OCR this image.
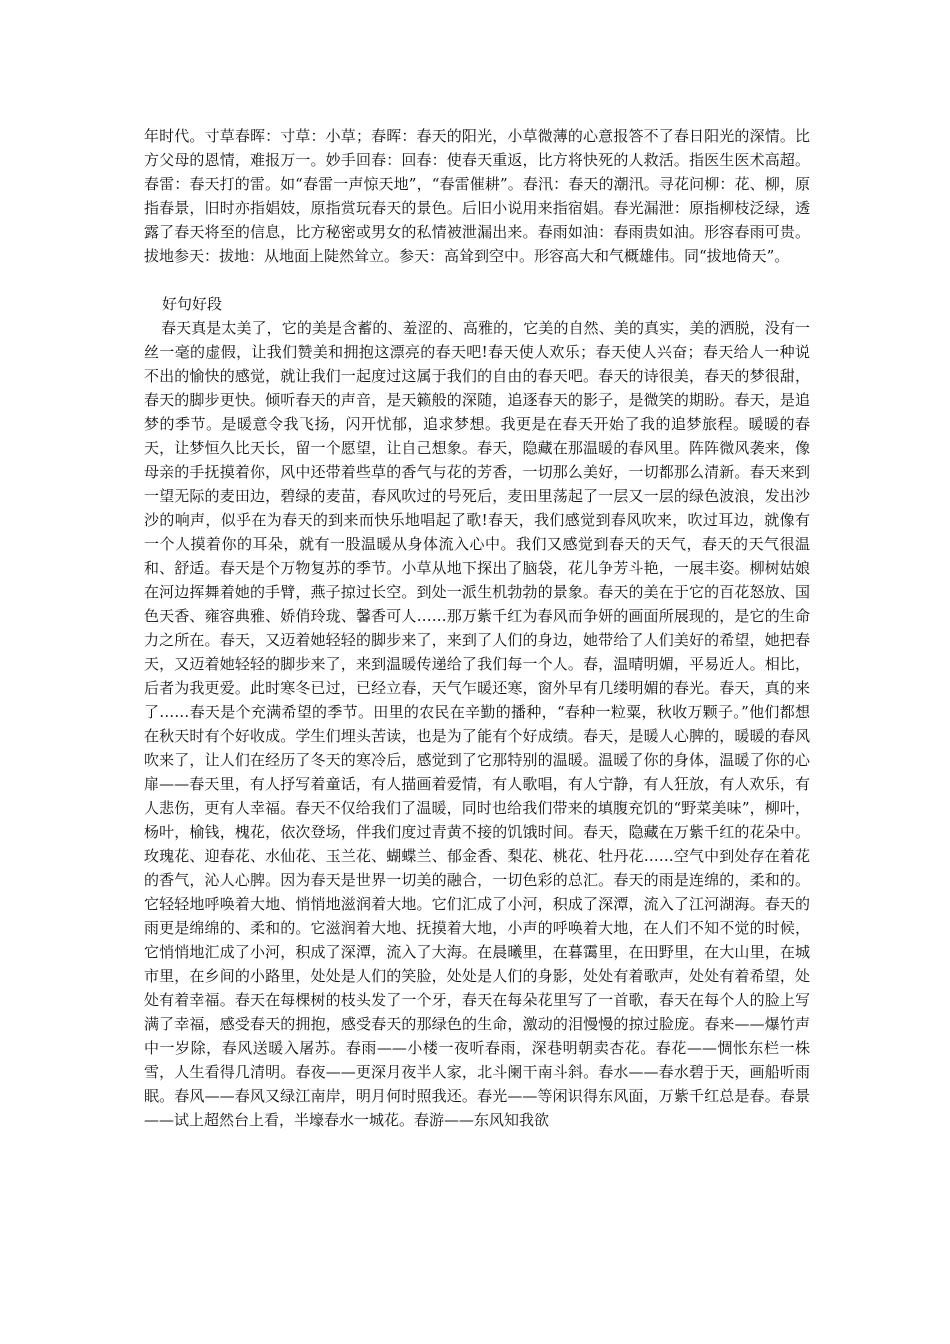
年时代。寸草春晖：寸草：小草；春晖：春天的阳光，小草微薄的心意报答不了春日阳光的深情。比方父母的恩情，难报万一。妙手回春：回春：使春天重返，比方将快死的人救活。指医生医术高超。春雷：春天打的雷。如“春雷一声惊天地”，“春雷催耕”。春汛：春天的潮汛。寻花问柳：花、柳，原指春景，旧时亦指娼妓，原指赏玩春天的景色。后旧小说用来指宿娼。春光漏泄：原指柳枝泛绿，透露了春天将至的信息，比方秘密或男女的私情被泄漏出来。春雨如油：春雨贵如油。形容春雨可贵。拔地参天：拔地：从地面上陡然耸立。参天：高耸到空中。形容高大和气概雄伟。同“拔地倚天”。

好句好段

春天真是太美了，它的美是含蓄的、羞涩的、高雅的，它美的自然、美的真实，美的洒脱，没有一丝一毫的虚假，让我们赞美和拥抱这漂亮的春天吧!春天使人欢乐；春天使人兴奋；春天给人一种说不出的愉快的感觉，就让我们一起度过这属于我们的自由的春天吧。春天的诗很美，春天的梦很甜，春天的脚步更快。倾听春天的声音，是天籁般的深随，追逐春天的影子，是微笑的期盼。春天，是追梦的季节。是暖意令我飞扬，闪开忧郁，追求梦想。我更是在春天开始了我的追梦旅程。暖暖的春天，让梦恒久比天长，留一个愿望，让自己想象。春天，隐藏在那温暖的春风里。阵阵微风袭来，像母亲的手抚摸着你，风中还带着些草的香气与花的芳香，一切那么美好，一切都那么清新。春天来到一望无际的麦田边，碧绿的麦苗，春风吹过的号死后，麦田里荡起了一层又一层的绿色波浪，发出沙沙的响声，似乎在为春天的到来而快乐地唱起了歌!春天，我们感觉到春风吹来，吹过耳边，就像有一个人摸着你的耳朵，就有一股温暖从身体流入心中。我们又感觉到春天的天气，春天的天气很温和、舒适。春天是个万物复苏的季节。小草从地下探出了脑袋，花儿争芳斗艳，一展丰姿。柳树姑娘在河边挥舞着她的手臂，燕子掠过长空。到处一派生机勃勃的景象。春天的美在于它的百花怒放、国色天香、雍容典雅、娇俏玲珑、馨香可人……那万紫千红为春风而争妍的画面所展现的，是它的生命力之所在。春天，又迈着她轻轻的脚步来了，来到了人们的身边，她带给了人们美好的希望，她把春天，又迈着她轻轻的脚步来了，来到温暖传递给了我们每一个人。春，温晴明媚，平易近人。相比，后者为我更爱。此时寒冬已过，已经立春，天气乍暖还寒，窗外早有几缕明媚的春光。春天，真的来了……春天是个充满希望的季节。田里的农民在辛勤的播种，“春种一粒粟，秋收万颗子。”他们都想在秋天时有个好收成。学生们埋头苦读，也是为了能有个好成绩。春天，是暖人心脾的，暖暖的春风吹来了，让人们在经历了冬天的寒冷后，感觉到了它那特别的温暖。温暖了你的身体，温暖了你的心扉——春天里，有人抒写着童话，有人描画着爱情，有人歌唱，有人宁静，有人狂放，有人欢乐，有人悲伤，更有人幸福。春天不仅给我们了温暖，同时也给我们带来的填腹充饥的“野菜美味”，柳叶，杨叶，榆钱，槐花，依次登场，伴我们度过青黄不接的饥饿时间。春天，隐藏在万紫千红的花朵中。玫瑰花、迎春花、水仙花、玉兰花、蝴蝶兰、郁金香、梨花、桃花、牡丹花……空气中到处存在着花的香气，沁人心脾。因为春天是世界一切美的融合，一切色彩的总汇。春天的雨是连绵的，柔和的。它轻轻地呼唤着大地、悄悄地滋润着大地。它们汇成了小河，积成了深潭，流入了江河湖海。春天的雨更是绵绵的、柔和的。它滋润着大地、抚摸着大地，小声的呼唤着大地，在人们不知不觉的时候，它悄悄地汇成了小河，积成了深潭，流入了大海。在晨曦里，在暮霭里，在田野里，在大山里，在城市里，在乡间的小路里，处处是人们的笑脸，处处是人们的身影，处处有着歌声，处处有着希望，处处有着幸福。春天在每棵树的枝头发了一个牙，春天在每朵花里写了一首歌，春天在每个人的脸上写满了幸福，感受春天的拥抱，感受春天的那绿色的生命，激动的泪慢慢的掠过脸庞。春来——爆竹声中一岁除，春风送暖入屠苏。春雨——小楼一夜听春雨，深巷明朝卖杏花。春花——惆怅东栏一株雪，人生看得几清明。春夜——更深月夜半人家，北斗阑干南斗斜。春水——春水碧于天，画船听雨眠。春风——春风又绿江南岸，明月何时照我还。春光——等闲识得东风面，万紫千红总是春。春景——试上超然台上看，半壕春水一城花。春游——东风知我欲
